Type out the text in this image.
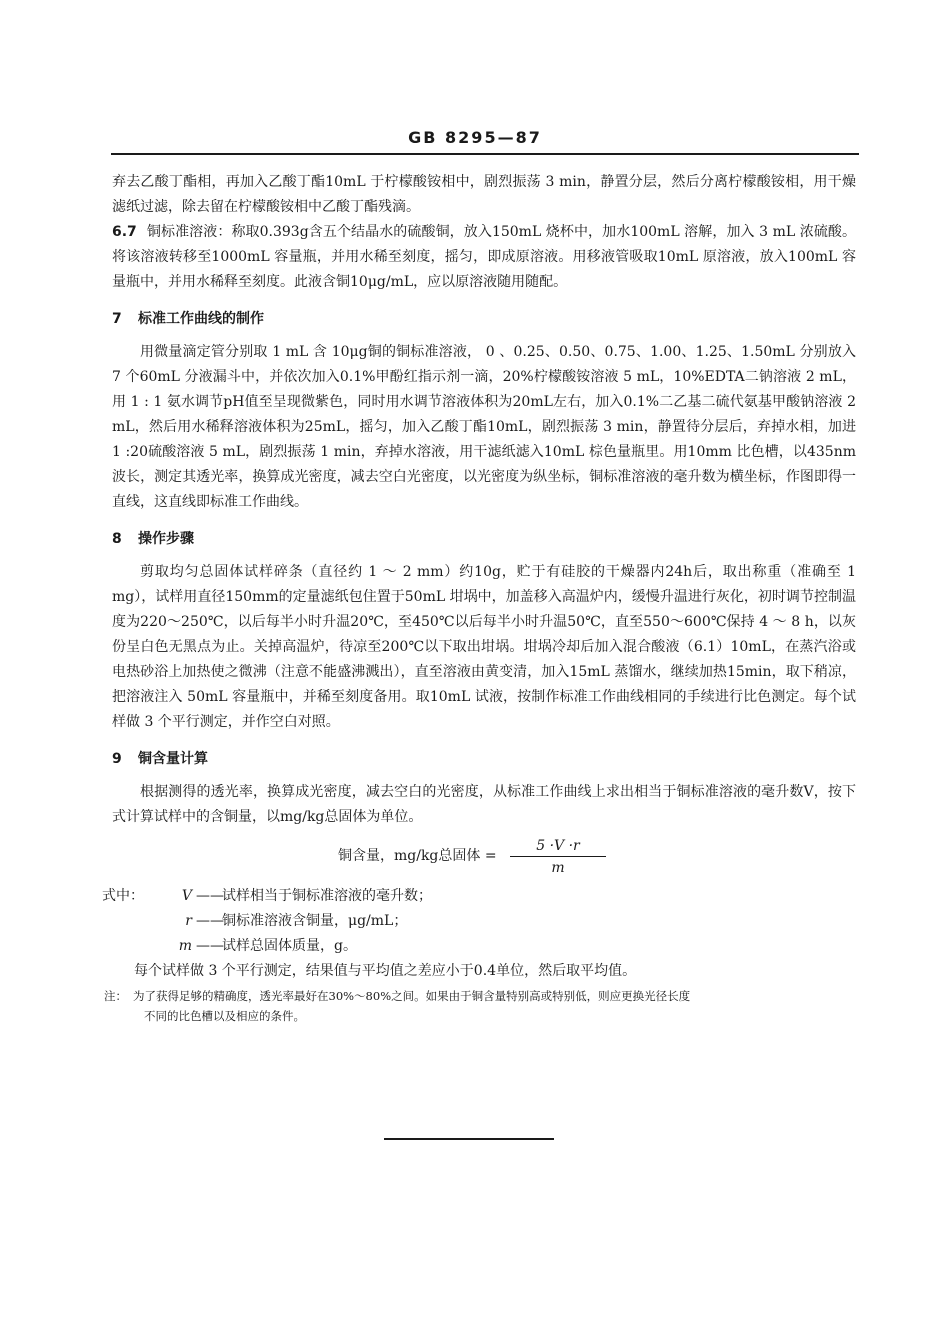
GB 8295—87

弃去乙酸丁酯相，再加入乙酸丁酯10mL 于柠檬酸铵相中，剧烈振荡 3 min，静置分层，然后分离柠檬酸铵相，用干燥滤纸过滤，除去留在柠檬酸铵相中乙酸丁酯残滴。

6.7 铜标准溶液：称取0.393g含五个结晶水的硫酸铜，放入150mL 烧杯中，加水100mL 溶解，加入 3 mL 浓硫酸。将该溶液转移至1000mL 容量瓶，并用水稀至刻度，摇匀，即成原溶液。用移液管吸取10mL 原溶液，放入100mL 容量瓶中，并用水稀释至刻度。此液含铜10μg/mL，应以原溶液随用随配。

7 标准工作曲线的制作

用微量滴定管分别取 1 mL 含 10μg铜的铜标准溶液， 0 、0.25、0.50、0.75、1.00、1.25、1.50mL 分别放入 7 个60mL 分液漏斗中，并依次加入0.1%甲酚红指示剂一滴，20%柠檬酸铵溶液 5 mL，10%EDTA二钠溶液 2 mL，用 1 : 1 氨水调节pH值至呈现微紫色，同时用水调节溶液体积为20mL左右，加入0.1%二乙基二硫代氨基甲酸钠溶液 2 mL，然后用水稀释溶液体积为25mL，摇匀，加入乙酸丁酯10mL，剧烈振荡 3 min，静置待分层后，弃掉水相，加进 1 :20硫酸溶液 5 mL，剧烈振荡 1 min，弃掉水溶液，用干滤纸滤入10mL 棕色量瓶里。用10mm 比色槽，以435nm 波长，测定其透光率，换算成光密度，减去空白光密度，以光密度为纵坐标，铜标准溶液的毫升数为横坐标，作图即得一直线，这直线即标准工作曲线。

8 操作步骤

剪取均匀总固体试样碎条（直径约 1 ～ 2 mm）约10g，贮于有硅胶的干燥器内24h后，取出称重（准确至 1 mg），试样用直径150mm的定量滤纸包住置于50mL 坩埚中，加盖移入高温炉内，缓慢升温进行灰化，初时调节控制温度为220～250℃，以后每半小时升温20℃，至450℃以后每半小时升温50℃，直至550～600℃保持 4 ～ 8 h，以灰份呈白色无黑点为止。关掉高温炉，待凉至200℃以下取出坩埚。坩埚冷却后加入混合酸液（6.1）10mL，在蒸汽浴或电热砂浴上加热使之微沸（注意不能盛沸溅出），直至溶液由黄变清，加入15mL 蒸馏水，继续加热15min，取下稍凉，把溶液注入 50mL 容量瓶中，并稀至刻度备用。取10mL 试液，按制作标准工作曲线相同的手续进行比色测定。每个试样做 3 个平行测定，并作空白对照。

9 铜含量计算

根据测得的透光率，换算成光密度，减去空白的光密度，从标准工作曲线上求出相当于铜标准溶液的毫升数V，按下式计算试样中的含铜量，以mg/kg总固体为单位。

铜含量，mg/kg总固体 = $\frac{5 \cdot V \cdot r}{m}$
式中：	V ——
试样相当于铜标准溶液的毫升数；
r ——
铜标准溶液含铜量，μg/mL；
m ——
试样总固体质量，g。

每个试样做 3 个平行测定，结果值与平均值之差应小于0.4单位，然后取平均值。

注： 为了获得足够的精确度，透光率最好在30%～80%之间。如果由于铜含量特别高或特别低，则应更换光径长度
不同的比色槽以及相应的条件。
